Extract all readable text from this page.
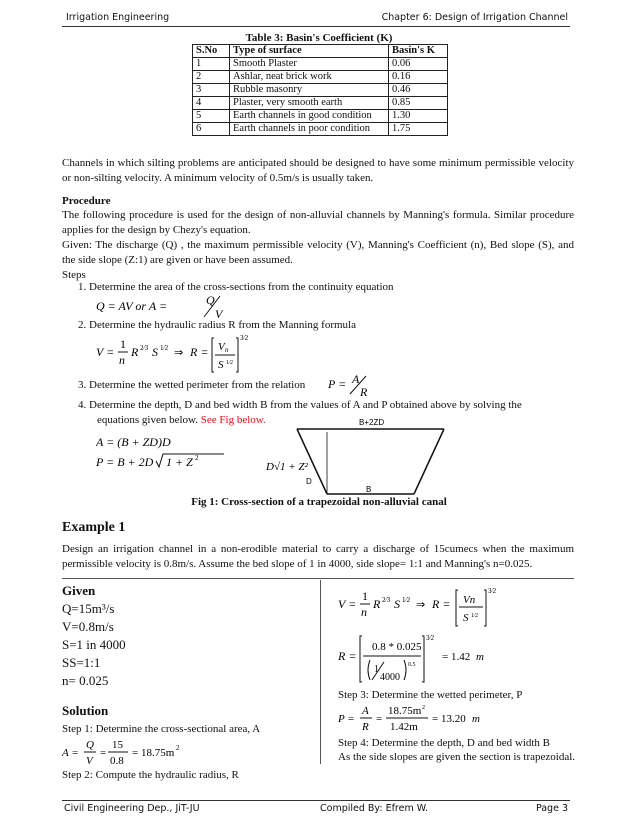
Irrigation Engineering	Chapter 6: Design of Irrigation Channel
Table 3: Basin's Coefficient (K)
S.No	Type of surface	Basin's K
1	Smooth Plaster	0.06
2	Ashlar, neat brick work	0.16
3	Rubble masonry	0.46
4	Plaster, very smooth earth	0.85
5	Earth channels in good condition	1.30
6	Earth channels in poor condition	1.75
Channels in which silting problems are anticipated should be designed to have some minimum permissible velocity or non-silting velocity. A minimum velocity of 0.5m/s is usually taken.
Procedure
The following procedure is used for the design of non-alluvial channels by Manning's formula. Similar procedure applies for the design by Chezy's equation.
Given: The discharge (Q) , the maximum permissible velocity (V), Manning's Coefficient (n), Bed slope (S), and the side slope (Z:1) are given or have been assumed.
Steps
1. Determine the area of the cross-sections from the continuity equation
Q = AV or A =	Q
V
2. Determine the hydraulic radius R from the Manning formula
V =
1
n
R 2⁄3 S 1⁄2 ⇒ R = V n
S 1⁄2
3⁄2
3. Determine the wetted perimeter from the relation	P = A
R
4. Determine the depth, D and bed width B from the values of A and P obtained above by solving the
equations given below. See Fig below.
A = (B + ZD)D
P = B + 2D 1 + Z 2
B+2ZD
D√1 + Z²
D
B
Fig 1: Cross-section of a trapezoidal non-alluvial canal
Example 1
Design an irrigation channel in a non-erodible material to carry a discharge of 15cumecs when the maximum permissible velocity is 0.8m/s. Assume the bed slope of 1 in 4000, side slope= 1:1 and Manning's n=0.025.
Given
Q=15m³/s
V=0.8m/s
S=1 in 4000
SS=1:1
n= 0.025
Solution
Step 1: Determine the cross-sectional area, A
A =
Q
V
=
15
0.8
= 18.75m 2
Step 2: Compute the hydraulic radius, R
V =
1
n
R 2⁄3 S 1⁄2 ⇒ R = Vn
S 1⁄2
3⁄2
R =
0.8 * 0.025
1
4000
0.5
3⁄2
= 1.42 m
Step 3: Determine the wetted perimeter, P
P =
A
R
=
18.75m 2
1.42m
= 13.20 m
Step 4: Determine the depth, D and bed width B
As the side slopes are given the section is trapezoidal.
Civil Engineering Dep., JiT-JU	Compiled By: Efrem W.	Page 3
